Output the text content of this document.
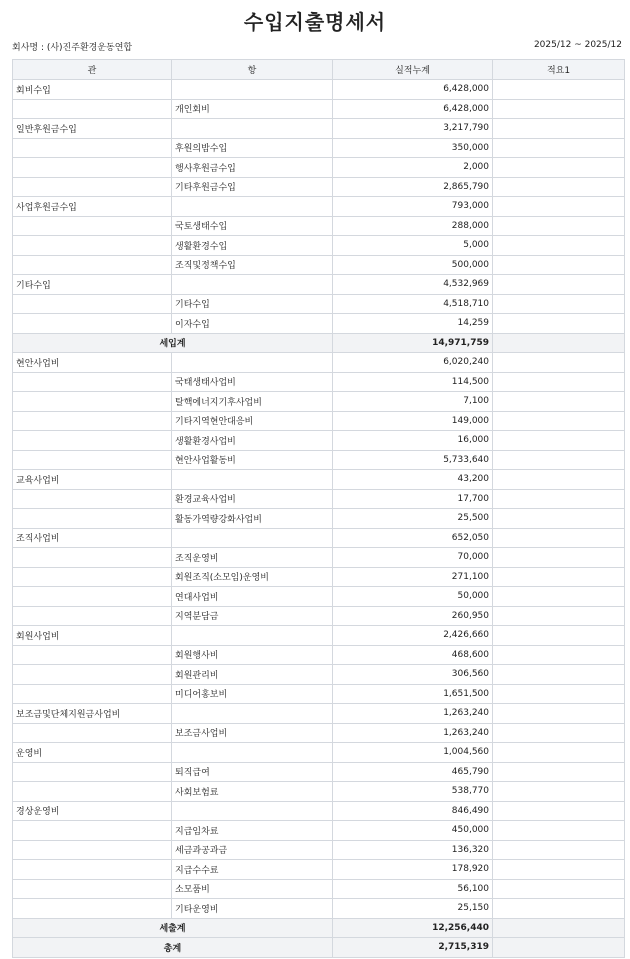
수입지출명세서
회사명 : (사)진주환경운동연합	2025/12 ~ 2025/12
관	항	실적누계	적요1
회비수입		6,428,000	
	개인회비	6,428,000	
일반후원금수입		3,217,790	
	후원의밤수입	350,000	
	행사후원금수입	2,000	
	기타후원금수입	2,865,790	
사업후원금수입		793,000	
	국토생태수입	288,000	
	생활환경수입	5,000	
	조직및정책수입	500,000	
기타수입		4,532,969	
	기타수입	4,518,710	
	이자수입	14,259	
세입계		14,971,759	
현안사업비		6,020,240	
	국태생태사업비	114,500	
	탈핵에너지기후사업비	7,100	
	기타지역현안대응비	149,000	
	생활환경사업비	16,000	
	현안사업활동비	5,733,640	
교육사업비		43,200	
	환경교육사업비	17,700	
	활동가역량강화사업비	25,500	
조직사업비		652,050	
	조직운영비	70,000	
	회원조직(소모임)운영비	271,100	
	연대사업비	50,000	
	지역분담금	260,950	
회원사업비		2,426,660	
	회원행사비	468,600	
	회원관리비	306,560	
	미디어홍보비	1,651,500	
보조금및단체지원금사업비		1,263,240	
	보조금사업비	1,263,240	
운영비		1,004,560	
	퇴직급여	465,790	
	사회보험료	538,770	
경상운영비		846,490	
	지급임차료	450,000	
	세금과공과금	136,320	
	지급수수료	178,920	
	소모품비	56,100	
	기타운영비	25,150	
세출계		12,256,440	
총계		2,715,319	
